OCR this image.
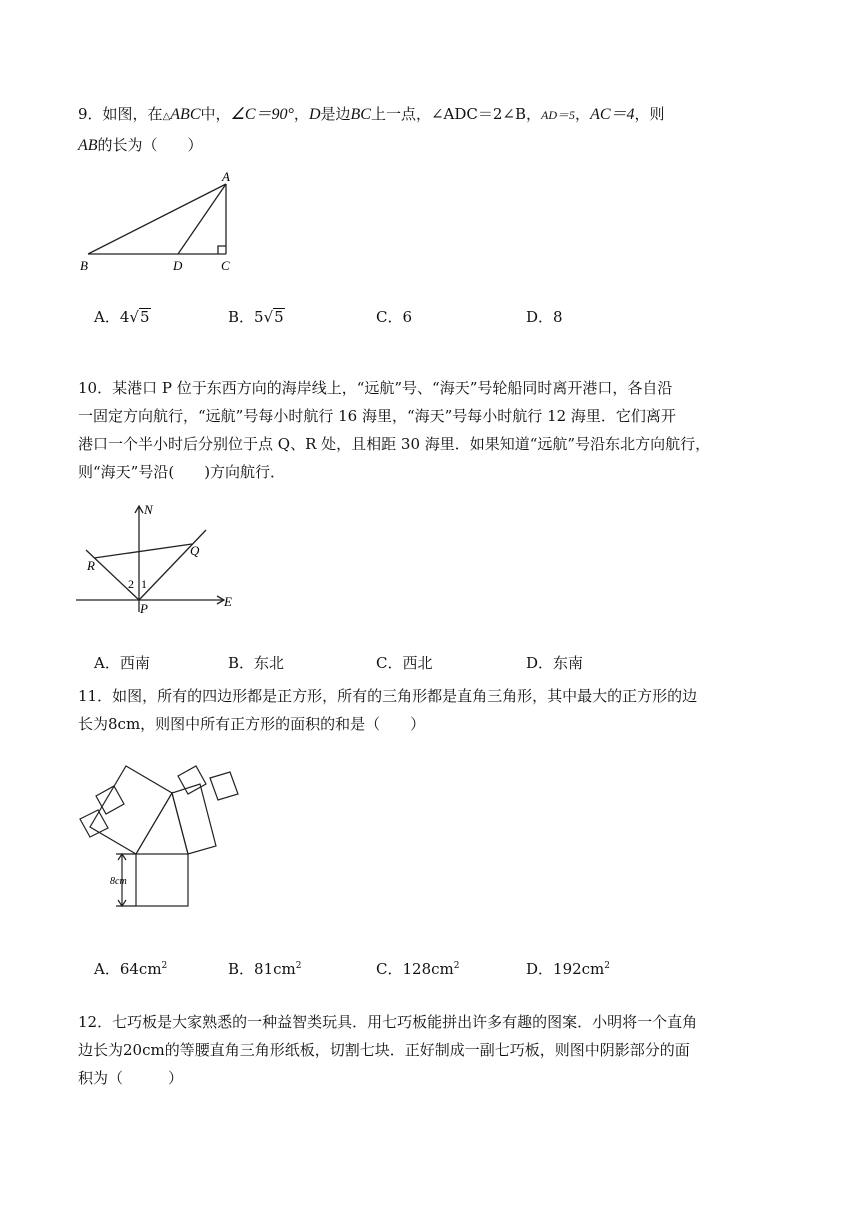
9．如图，在△ABC中，∠C＝90°，D是边BC上一点，∠ADC＝2∠B，AD＝5，AC＝4，则
AB的长为（　　）

A
B	D	C
A．4√5	B．5√5	C．6	D．8

10．某港口 P 位于东西方向的海岸线上，“远航”号、“海天”号轮船同时离开港口，各自沿

一固定方向航行，“远航”号每小时航行 16 海里，“海天”号每小时航行 12 海里．它们离开

港口一个半小时后分别位于点 Q、R 处，且相距 30 海里．如果知道“远航”号沿东北方向航行，

则“海天”号沿(　　)方向航行．

N
E
P
Q
R
1
2
A．西南	B．东北	C．西北	D．东南

11．如图，所有的四边形都是正方形，所有的三角形都是直角三角形，其中最大的正方形的边

长为8cm，则图中所有正方形的面积的和是（　　）

8cm
A．$64cm^2$	B．$81cm^2$	C．$128cm^2$	D．$192cm^2$

12．七巧板是大家熟悉的一种益智类玩具．用七巧板能拼出许多有趣的图案．小明将一个直角

边长为20cm的等腰直角三角形纸板，切割七块．正好制成一副七巧板，则图中阴影部分的面

积为（　　　）
